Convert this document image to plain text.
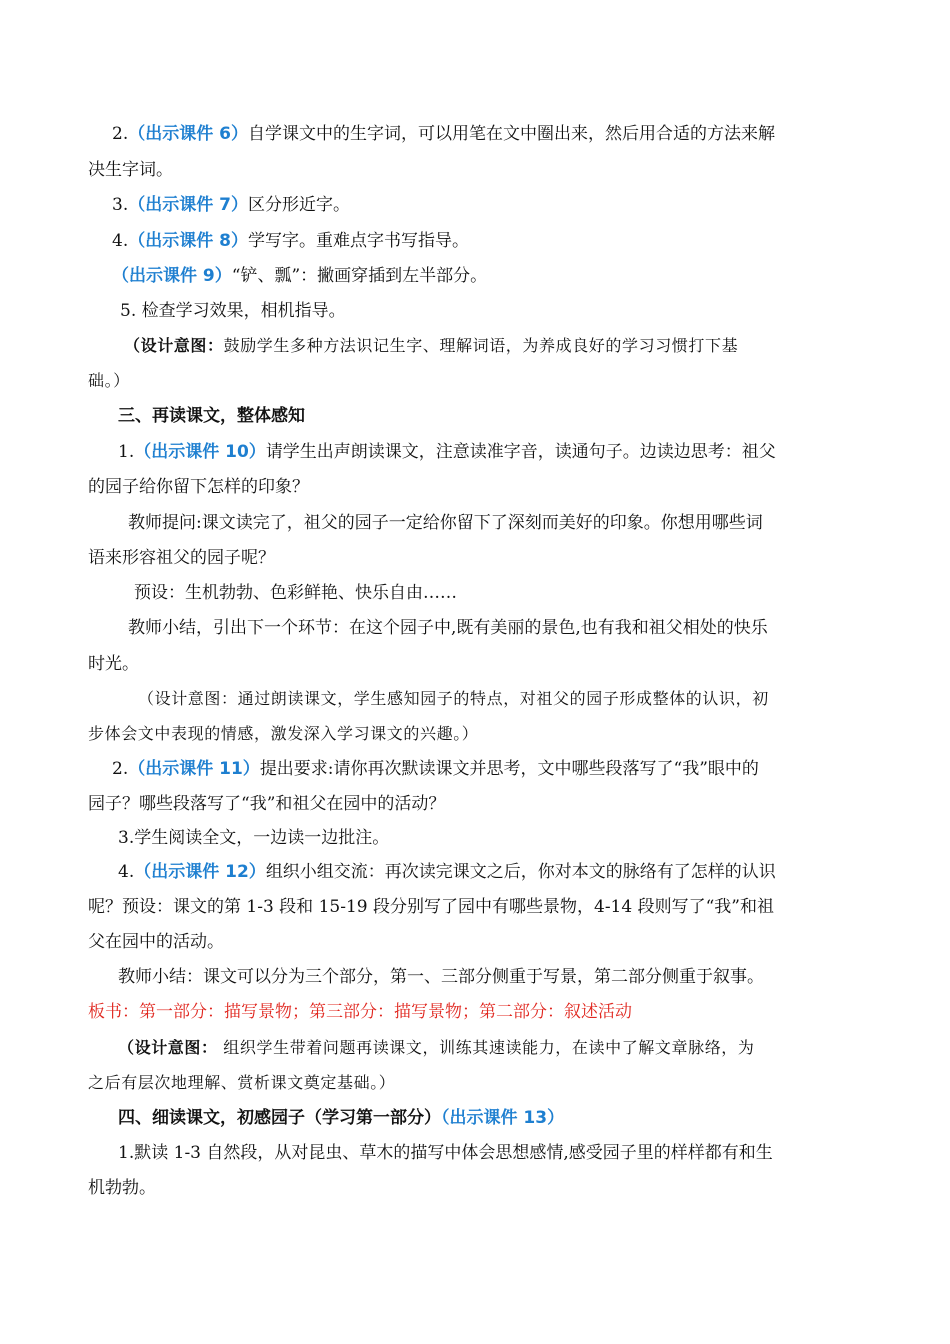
2.（出示课件 6）自学课文中的生字词，可以用笔在文中圈出来，然后用合适的方法来解
决生字词。
3.（出示课件 7）区分形近字。
4.（出示课件 8）学写字。重难点字书写指导。
（出示课件 9）“铲、瓢”：撇画穿插到左半部分。
5. 检查学习效果，相机指导。
（设计意图：鼓励学生多种方法识记生字、理解词语，为养成良好的学习习惯打下基
础。）
三、再读课文，整体感知
1.（出示课件 10）请学生出声朗读课文，注意读准字音，读通句子。边读边思考：祖父
的园子给你留下怎样的印象？
教师提问:课文读完了，祖父的园子一定给你留下了深刻而美好的印象。你想用哪些词
语来形容祖父的园子呢？
预设：生机勃勃、色彩鲜艳、快乐自由……
教师小结，引出下一个环节：在这个园子中,既有美丽的景色,也有我和祖父相处的快乐
时光。
（设计意图：通过朗读课文，学生感知园子的特点，对祖父的园子形成整体的认识，初
步体会文中表现的情感，激发深入学习课文的兴趣。）
2.（出示课件 11）提出要求:请你再次默读课文并思考，文中哪些段落写了“我”眼中的
园子？哪些段落写了“我”和祖父在园中的活动？
3.学生阅读全文，一边读一边批注。
4.（出示课件 12）组织小组交流：再次读完课文之后，你对本文的脉络有了怎样的认识
呢？预设：课文的第 1-3 段和 15-19 段分别写了园中有哪些景物，4-14 段则写了“我”和祖
父在园中的活动。
教师小结：课文可以分为三个部分，第一、三部分侧重于写景，第二部分侧重于叙事。
板书：第一部分：描写景物；第三部分：描写景物；第二部分：叙述活动
（设计意图： 组织学生带着问题再读课文，训练其速读能力，在读中了解文章脉络，为
之后有层次地理解、赏析课文奠定基础。）
四、细读课文，初感园子（学习第一部分）（出示课件 13）
1.默读 1-3 自然段，从对昆虫、草木的描写中体会思想感情,感受园子里的样样都有和生
机勃勃。
